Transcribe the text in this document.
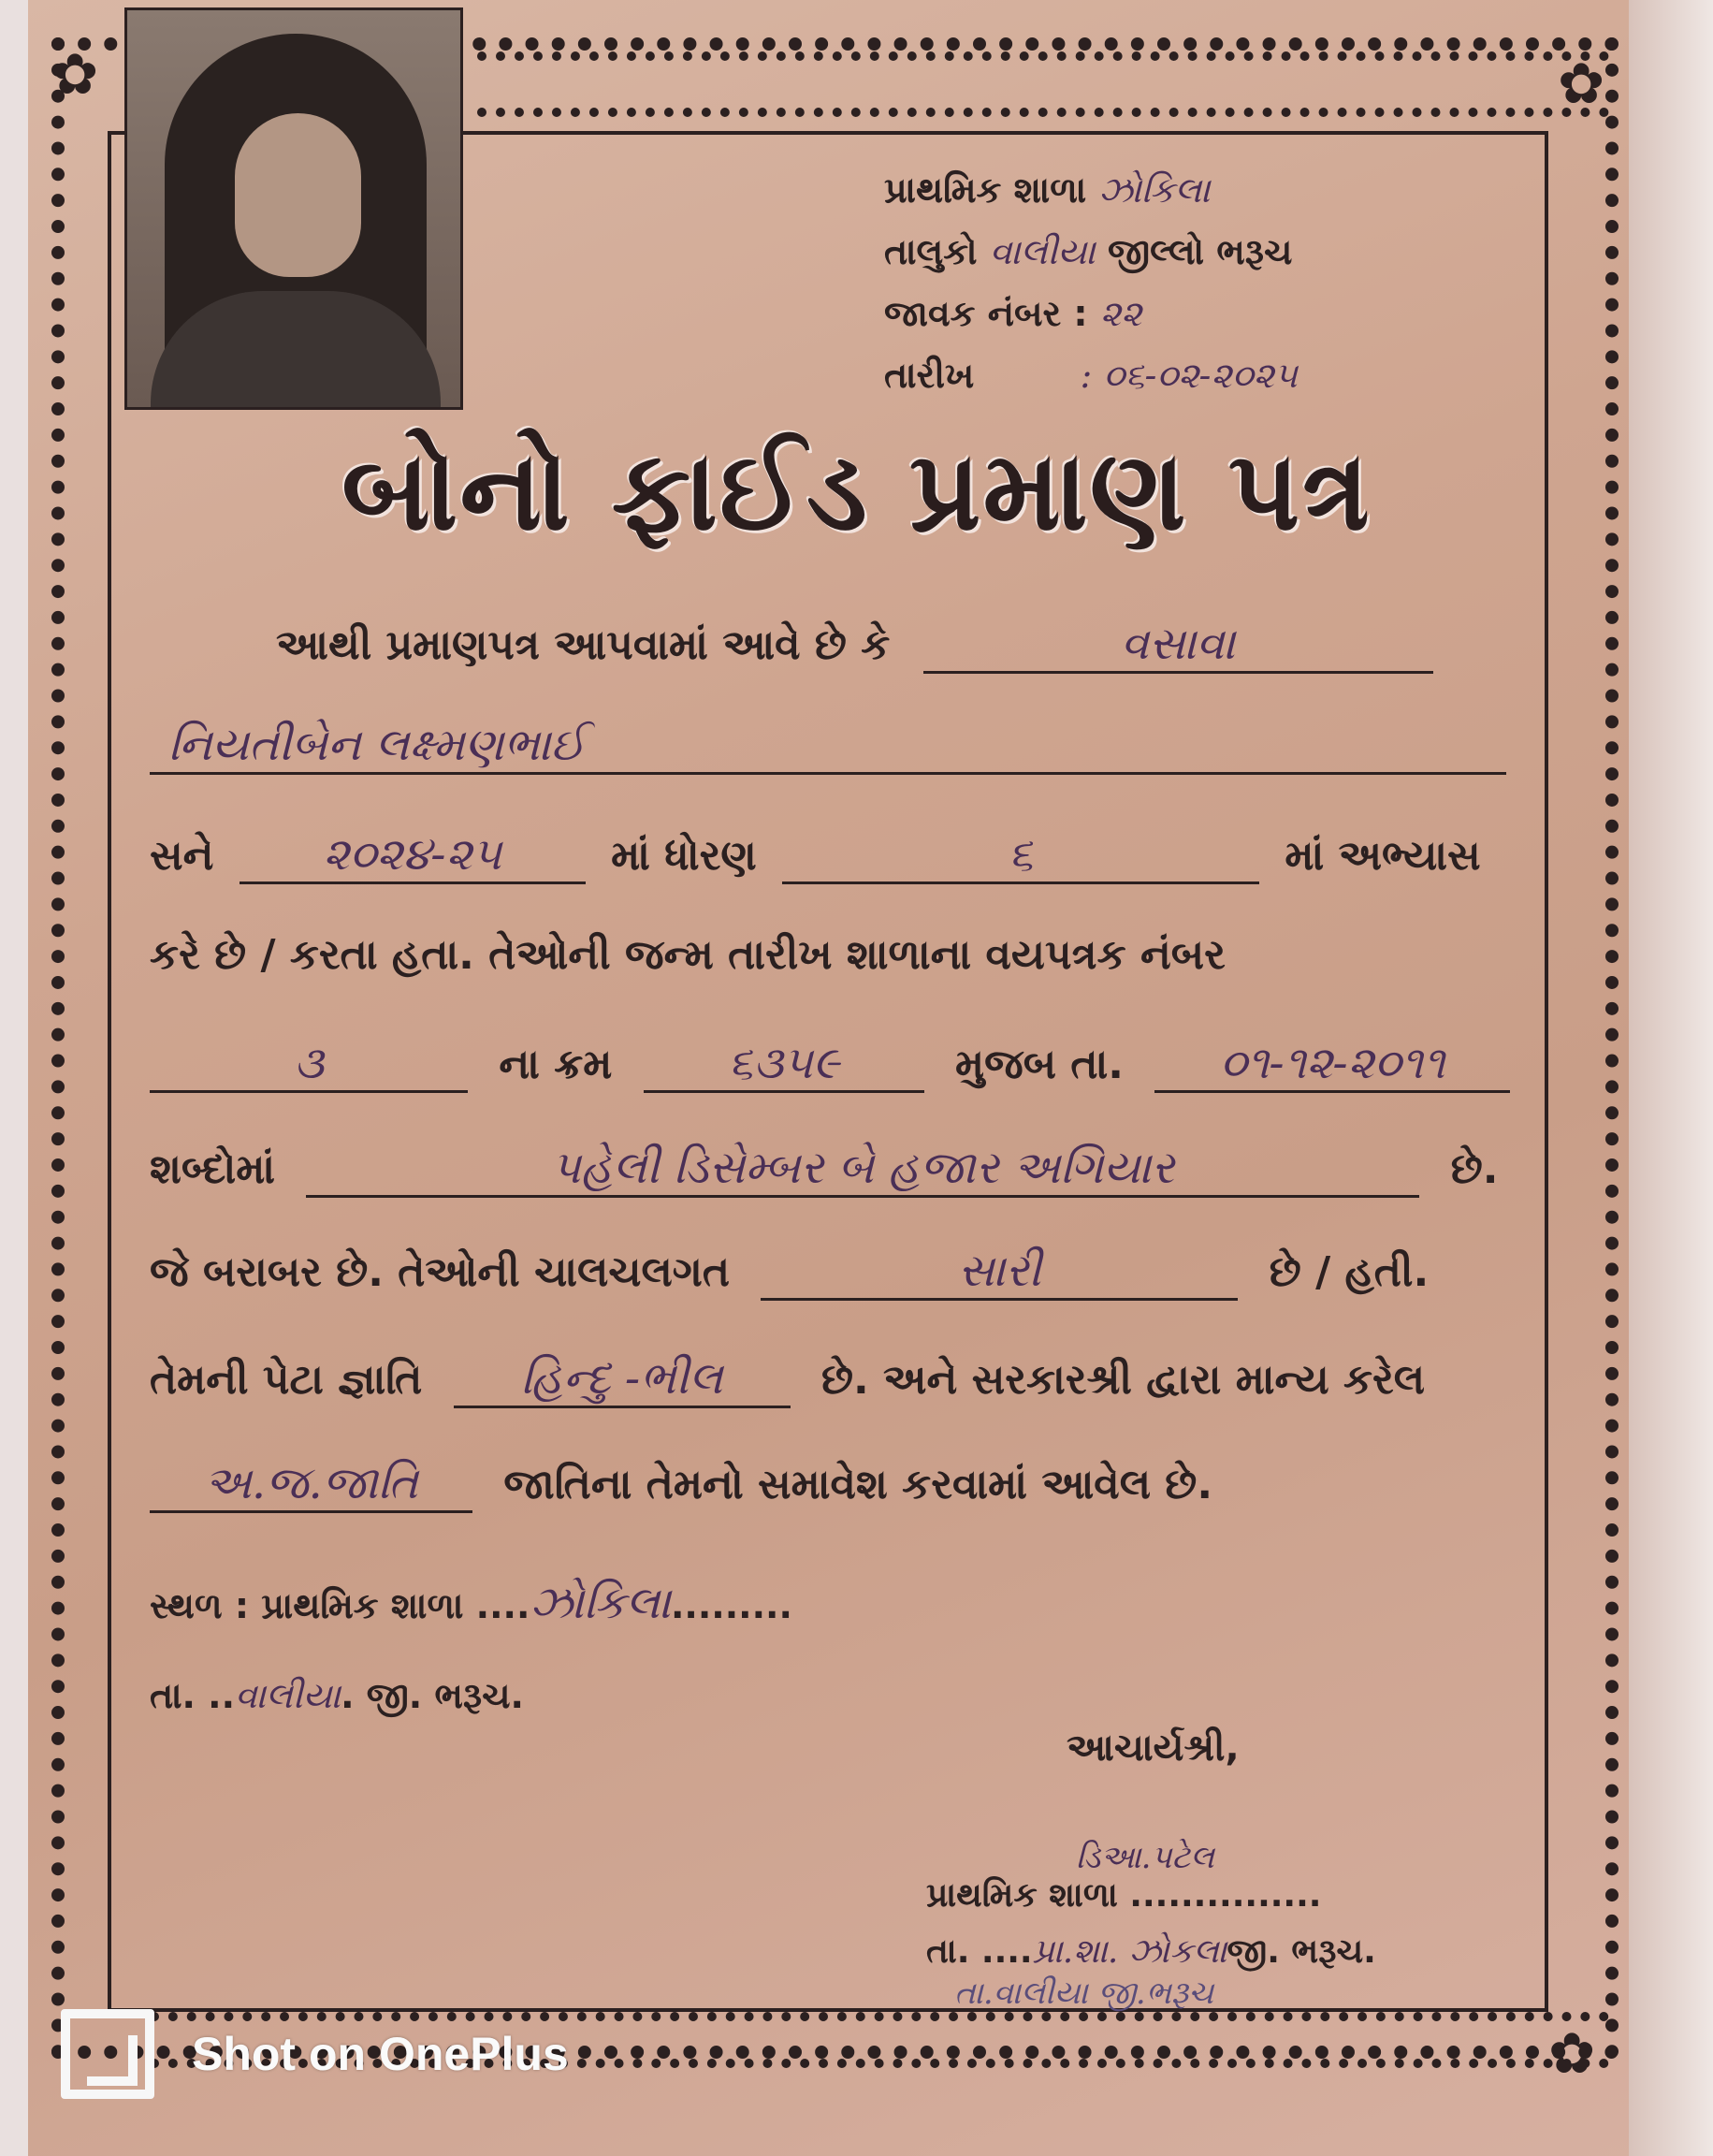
✿	✿
✿
પ્રાથમિક શાળા ઝોકિલા
તાલુકો વાલીયા જીલ્લો ભરૂચ
જાવક નંબર : ૨૨
તારીખ	: ૦૬-૦૨-૨૦૨૫
બોનો ફાઈડ પ્રમાણ પત્ર
આથી પ્રમાણપત્ર આપવામાં આવે છે કે	વસાવા
નિયતીબેન લક્ષ્મણભાઈ
સને ૨૦૨૪-૨૫	માં ધોરણ	૬	માં અભ્યાસ
કરે છે / કરતા હતા. તેઓની જન્મ તારીખ શાળાના વયપત્રક નંબર
૩	ના ક્રમ	૬૩૫૯	મુજબ તા. ૦૧-૧૨-૨૦૧૧
શબ્દોમાં	પહેલી ડિસેમ્બર બે હજાર અગિયાર	છે.
જે બરાબર છે. તેઓની ચાલચલગત	સારી	છે / હતી.
તેમની પેટા જ્ઞાતિ હિન્દુ -ભીલ છે. અને સરકારશ્રી દ્વારા માન્ય કરેલ
અ.જ.જાતિ જાતિના તેમનો સમાવેશ કરવામાં આવેલ છે.
સ્થળ : પ્રાથમિક શાળા ....ઝોકિલા.........
તા. ..વાલીયા. જી. ભરૂચ.
આચાર્યશ્રી,
ડિઆ.પટેલ
પ્રાથમિક શાળા ...............
તા. ....પ્રા.શા. ઝોકલાજી. ભરૂચ.
તા.વાલીયા જી.ભરૂચ
Shot on OnePlus
